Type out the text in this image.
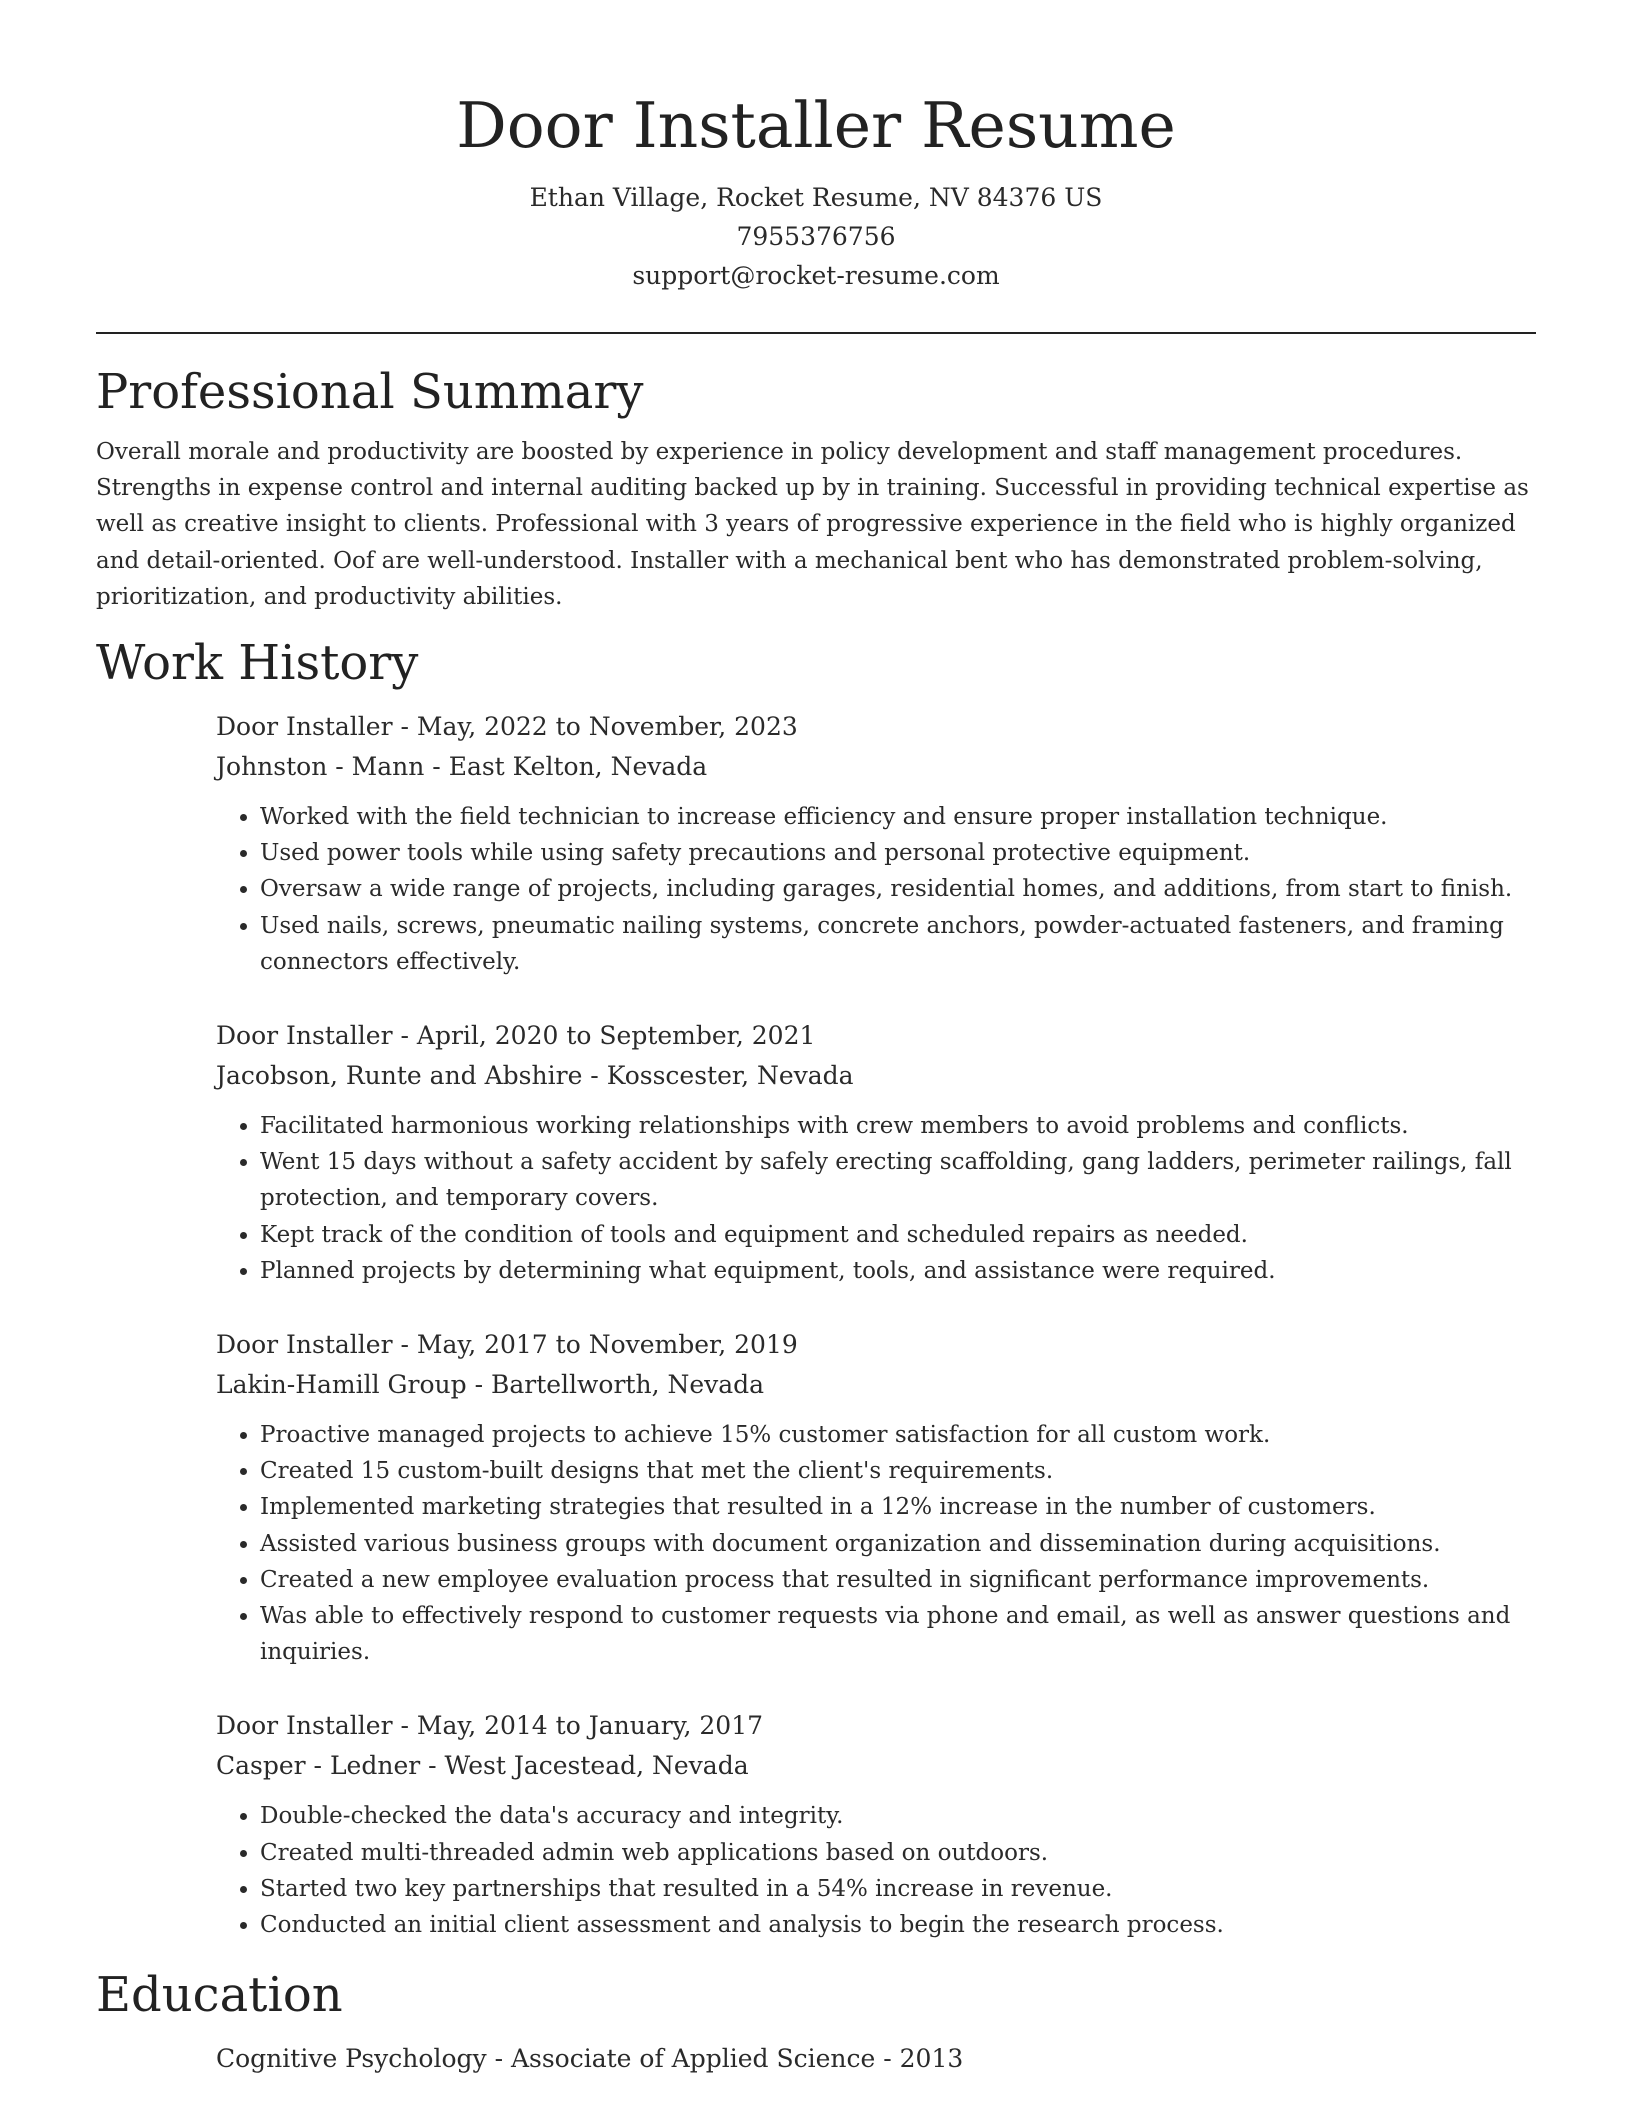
Door Installer Resume
Ethan Village, Rocket Resume, NV 84376 US
7955376756
support@rocket-resume.com
Professional Summary

Overall morale and productivity are boosted by experience in policy development and staff management procedures. Strengths in expense control and internal auditing backed up by in training. Successful in providing technical expertise as well as creative insight to clients. Professional with 3 years of progressive experience in the field who is highly organized and detail-oriented. Oof are well-understood. Installer with a mechanical bent who has demonstrated problem-solving, prioritization, and productivity abilities.

Work History
Door Installer - May, 2022 to November, 2023
Johnston - Mann - East Kelton, Nevada
• Worked with the field technician to increase efficiency and ensure proper installation technique.
• Used power tools while using safety precautions and personal protective equipment.
• Oversaw a wide range of projects, including garages, residential homes, and additions, from start to finish.
• Used nails, screws, pneumatic nailing systems, concrete anchors, powder-actuated fasteners, and framing connectors effectively.
Door Installer - April, 2020 to September, 2021
Jacobson, Runte and Abshire - Kosscester, Nevada
• Facilitated harmonious working relationships with crew members to avoid problems and conflicts.
• Went 15 days without a safety accident by safely erecting scaffolding, gang ladders, perimeter railings, fall protection, and temporary covers.
• Kept track of the condition of tools and equipment and scheduled repairs as needed.
• Planned projects by determining what equipment, tools, and assistance were required.
Door Installer - May, 2017 to November, 2019
Lakin-Hamill Group - Bartellworth, Nevada
• Proactive managed projects to achieve 15% customer satisfaction for all custom work.
• Created 15 custom-built designs that met the client's requirements.
• Implemented marketing strategies that resulted in a 12% increase in the number of customers.
• Assisted various business groups with document organization and dissemination during acquisitions.
• Created a new employee evaluation process that resulted in significant performance improvements.
• Was able to effectively respond to customer requests via phone and email, as well as answer questions and inquiries.
Door Installer - May, 2014 to January, 2017
Casper - Ledner - West Jacestead, Nevada
• Double-checked the data's accuracy and integrity.
• Created multi-threaded admin web applications based on outdoors.
• Started two key partnerships that resulted in a 54% increase in revenue.
• Conducted an initial client assessment and analysis to begin the research process.
Education
Cognitive Psychology - Associate of Applied Science - 2013
